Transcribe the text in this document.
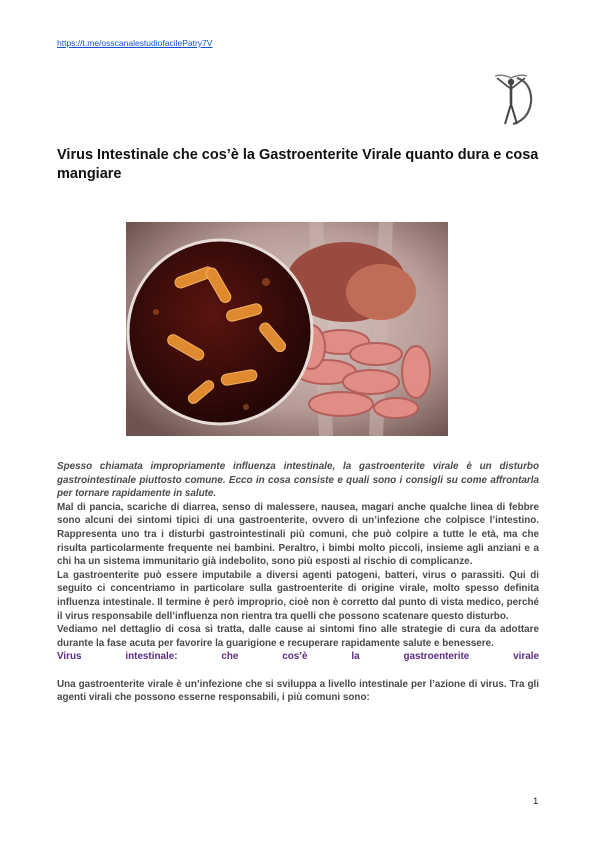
https://t.me/osscanalestudiofacilePatry7V
Virus Intestinale che cos’è la Gastroenterite Virale quanto dura e cosa mangiare

Spesso chiamata impropriamente influenza intestinale, la gastroenterite virale è un disturbo gastrointestinale piuttosto comune. Ecco in cosa consiste e quali sono i consigli su come affrontarla per tornare rapidamente in salute.

Mal di pancia, scariche di diarrea, senso di malessere, nausea, magari anche qualche linea di febbre sono alcuni dei sintomi tipici di una gastroenterite, ovvero di un’infezione che colpisce l’intestino. Rappresenta uno tra i disturbi gastrointestinali più comuni, che può colpire a tutte le età, ma che risulta particolarmente frequente nei bambini. Peraltro, i bimbi molto piccoli, insieme agli anziani e a chi ha un sistema immunitario già indebolito, sono più esposti al rischio di complicanze.

La gastroenterite può essere imputabile a diversi agenti patogeni, batteri, virus o parassiti. Qui di seguito ci concentriamo in particolare sulla gastroenterite di origine virale, molto spesso definita influenza intestinale. Il termine è però improprio, cioè non è corretto dal punto di vista medico, perché il virus responsabile dell’influenza non rientra tra quelli che possono scatenare questo disturbo.

Vediamo nel dettaglio di cosa si tratta, dalle cause ai sintomi fino alle strategie di cura da adottare durante la fase acuta per favorire la guarigione e recuperare rapidamente salute e benessere.

Virus	intestinale:	che	cos’è	la	gastroenterite	virale

Una gastroenterite virale è un’infezione che si sviluppa a livello intestinale per l’azione di virus. Tra gli agenti virali che possono esserne responsabili, i più comuni sono:

1
